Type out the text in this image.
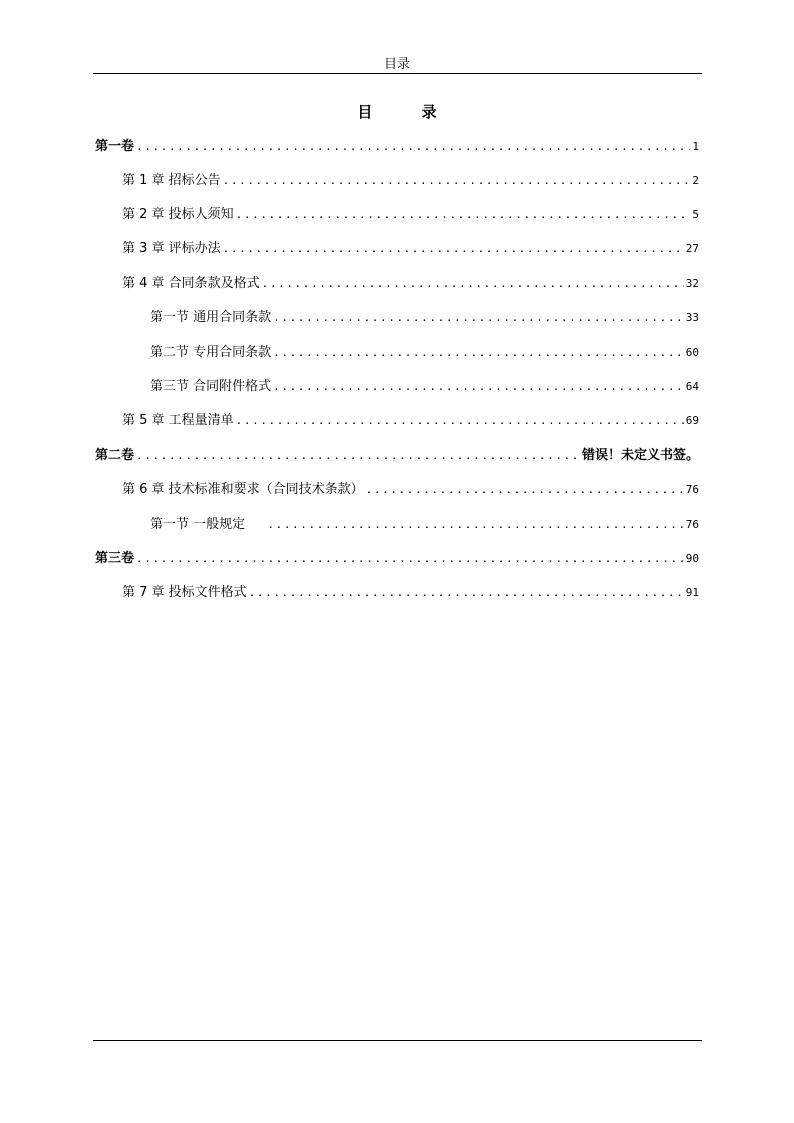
目录
目 录
第一卷 .....	1
第 1 章 招标公告 .....	2
第 2 章 投标人须知 .....	5
第 3 章 评标办法 .....	27
第 4 章 合同条款及格式 .....	32
第一节 通用合同条款 .....	33
第二节 专用合同条款 .....	60
第三节 合同附件格式 .....	64
第 5 章 工程量清单 .....	69
第二卷 .....	错误！未定义书签。
第 6 章 技术标准和要求（合同技术条款） .....	76
第一节 一般规定 .....	76
第三卷 .....	90
第 7 章 投标文件格式 .....	91
